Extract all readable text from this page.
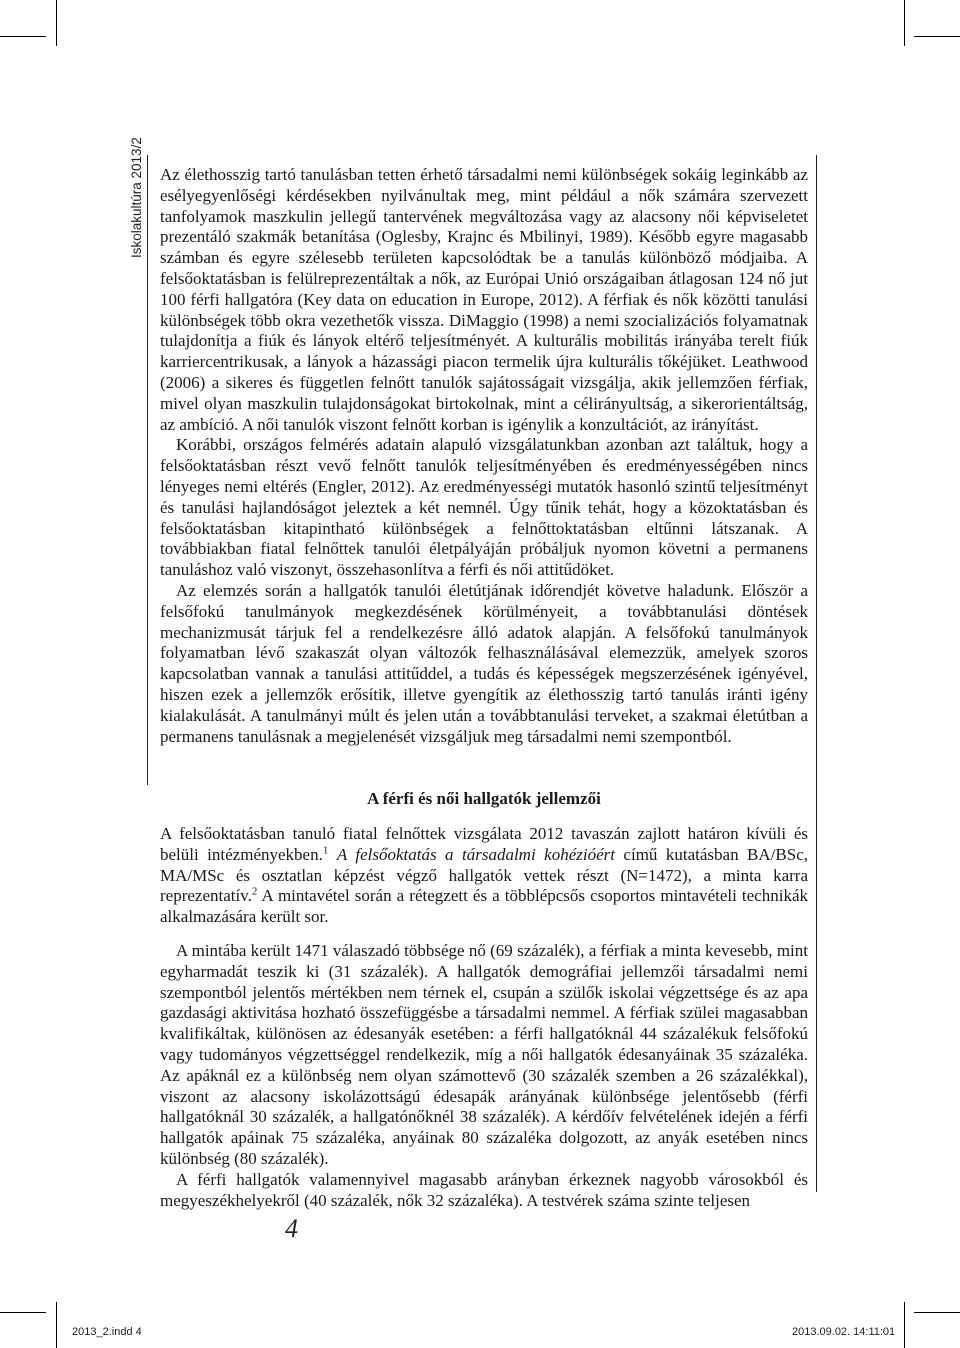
Iskolakultúra 2013/2 Az élethosszig tartó tanulásban tetten érhető társadalmi nemi különbségek sokáig leginkább az esélyegyenlőségi kérdésekben nyilvánultak meg, mint például a nők számára szervezett tanfolyamok maszkulin jellegű tantervének megváltozása vagy az alacsony női képviseletet prezentáló szakmák betanítása (Oglesby, Krajnc és Mbilinyi, 1989). Később egyre magasabb számban és egyre szélesebb területen kapcsolódtak be a tanulás különböző módjaiba. A felsőoktatásban is felülreprezentáltak a nők, az Európai Unió országaiban átlagosan 124 nő jut 100 férfi hallgatóra (Key data on education in Europe, 2012). A férfiak és nők közötti tanulási különbségek több okra vezethetők vissza. DiMaggio (1998) a nemi szocializációs folyamatnak tulajdonítja a fiúk és lányok eltérő teljesítményét. A kulturális mobilitás irányába terelt fiúk karriercentrikusak, a lányok a házassági piacon termelik újra kulturális tőkéjüket. Leathwood (2006) a sikeres és független felnőtt tanulók sajátosságait vizsgálja, akik jellemzően férfiak, mivel olyan maszkulin tulajdonságokat birtokolnak, mint a célirányultság, a sikerorientáltság, az ambíció. A női tanulók viszont felnőtt korban is igénylik a konzultációt, az irányítást.

Korábbi, országos felmérés adatain alapuló vizsgálatunkban azonban azt találtuk, hogy a felsőoktatásban részt vevő felnőtt tanulók teljesítményében és eredményességében nincs lényeges nemi eltérés (Engler, 2012). Az eredményességi mutatók hasonló szintű teljesítményt és tanulási hajlandóságot jeleztek a két nemnél. Úgy tűnik tehát, hogy a közoktatásban és felsőoktatásban kitapintható különbségek a felnőttoktatásban eltűnni látszanak. A továbbiakban fiatal felnőttek tanulói életpályáján próbáljuk nyomon követni a permanens tanuláshoz való viszonyt, összehasonlítva a férfi és női attitűdöket.

Az elemzés során a hallgatók tanulói életútjának időrendjét követve haladunk. Először a felsőfokú tanulmányok megkezdésének körülményeit, a továbbtanulási döntések mechanizmusát tárjuk fel a rendelkezésre álló adatok alapján. A felsőfokú tanulmányok folyamatban lévő szakaszát olyan változók felhasználásával elemezzük, amelyek szoros kapcsolatban vannak a tanulási attitűddel, a tudás és képességek megszerzésének igényével, hiszen ezek a jellemzők erősítik, illetve gyengítik az élethosszig tartó tanulás iránti igény kialakulását. A tanulmányi múlt és jelen után a továbbtanulási terveket, a szakmai életútban a permanens tanulásnak a megjelenését vizsgáljuk meg társadalmi nemi szempontból.

A férfi és női hallgatók jellemzői

A felsőoktatásban tanuló fiatal felnőttek vizsgálata 2012 tavaszán zajlott határon kívüli és belüli intézményekben.$^1$ A felsőoktatás a társadalmi kohézióért című kutatásban BA/BSc, MA/MSc és osztatlan képzést végző hallgatók vettek részt (N=1472), a minta karra reprezentatív.$^2$ A mintavétel során a rétegzett és a többlépcsős csoportos mintavételi technikák alkalmazására került sor.

A mintába került 1471 válaszadó többsége nő (69 százalék), a férfiak a minta kevesebb, mint egyharmadát teszik ki (31 százalék). A hallgatók demográfiai jellemzői társadalmi nemi szempontból jelentős mértékben nem térnek el, csupán a szülők iskolai végzettsége és az apa gazdasági aktivitása hozható összefüggésbe a társadalmi nemmel. A férfiak szülei magasabban kvalifikáltak, különösen az édesanyák esetében: a férfi hallgatóknál 44 százalékuk felsőfokú vagy tudományos végzettséggel rendelkezik, míg a női hallgatók édesanyáinak 35 százaléka. Az apáknál ez a különbség nem olyan számottevő (30 százalék szemben a 26 százalékkal), viszont az alacsony iskolázottságú édesapák arányának különbsége jelentősebb (férfi hallgatóknál 30 százalék, a hallgatónőknél 38 százalék). A kérdőív felvételének idején a férfi hallgatók apáinak 75 százaléka, anyáinak 80 százaléka dolgozott, az anyák esetében nincs különbség (80 százalék).

A férfi hallgatók valamennyivel magasabb arányban érkeznek nagyobb városokból és megyeszékhelyekről (40 százalék, nők 32 százaléka). A testvérek száma szinte teljesen

4
2013_2.indd 4	2013.09.02. 14:11:01
